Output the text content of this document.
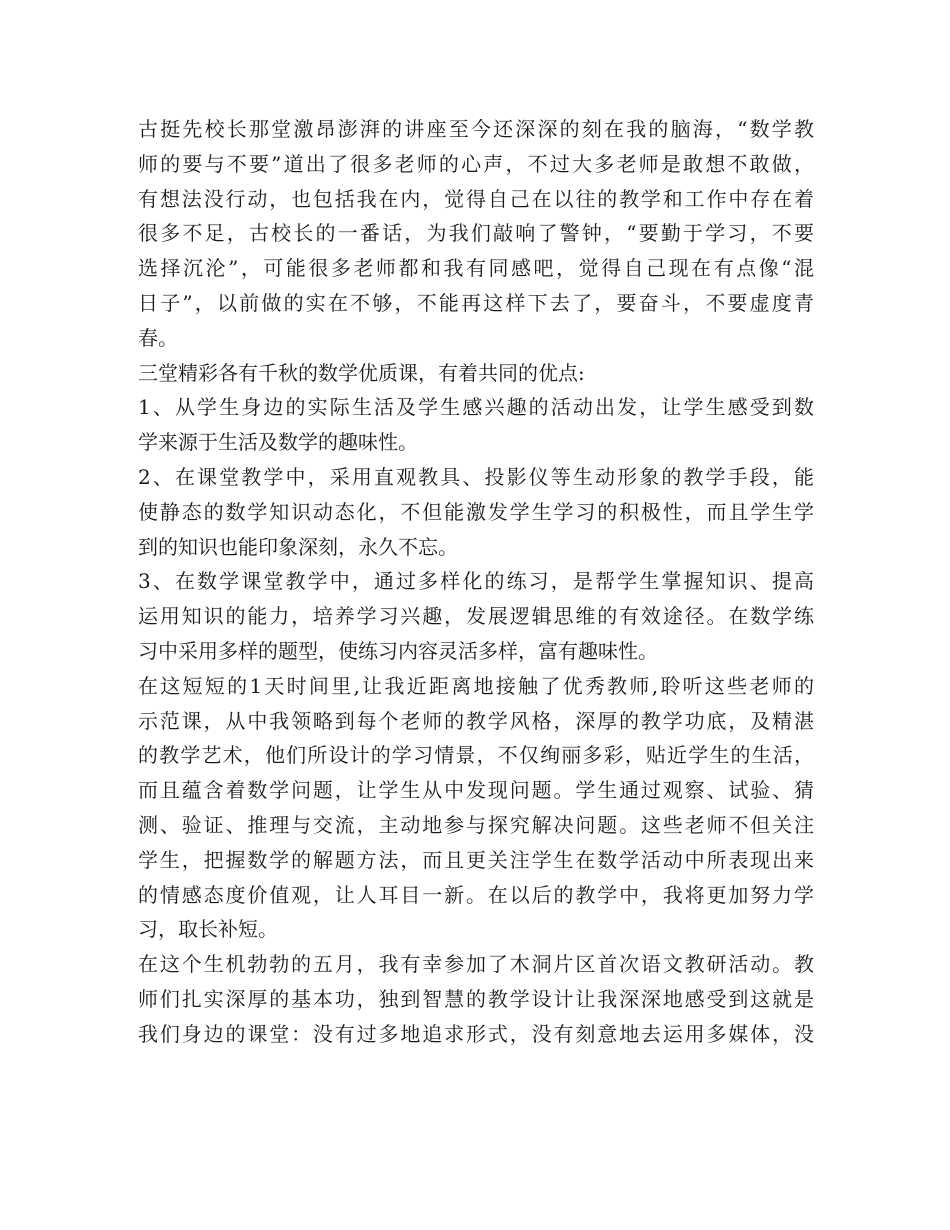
古挺先校长那堂激昂澎湃的讲座至今还深深的刻在我的脑海，“数学教
师的要与不要”道出了很多老师的心声，不过大多老师是敢想不敢做，
有想法没行动，也包括我在内，觉得自己在以往的教学和工作中存在着
很多不足，古校长的一番话，为我们敲响了警钟，“要勤于学习，不要
选择沉沦”，可能很多老师都和我有同感吧，觉得自己现在有点像“混
日子”，以前做的实在不够，不能再这样下去了，要奋斗，不要虚度青
春。
三堂精彩各有千秋的数学优质课，有着共同的优点:
1、从学生身边的实际生活及学生感兴趣的活动出发，让学生感受到数
学来源于生活及数学的趣味性。
2、在课堂教学中，采用直观教具、投影仪等生动形象的教学手段，能
使静态的数学知识动态化，不但能激发学生学习的积极性，而且学生学
到的知识也能印象深刻，永久不忘。
3、在数学课堂教学中，通过多样化的练习，是帮学生掌握知识、提高
运用知识的能力，培养学习兴趣，发展逻辑思维的有效途径。在数学练
习中采用多样的题型，使练习内容灵活多样，富有趣味性。
在这短短的1天时间里,让我近距离地接触了优秀教师,聆听这些老师的
示范课，从中我领略到每个老师的教学风格，深厚的教学功底，及精湛
的教学艺术，他们所设计的学习情景，不仅绚丽多彩，贴近学生的生活，
而且蕴含着数学问题，让学生从中发现问题。学生通过观察、试验、猜
测、验证、推理与交流，主动地参与探究解决问题。这些老师不但关注
学生，把握数学的解题方法，而且更关注学生在数学活动中所表现出来
的情感态度价值观，让人耳目一新。在以后的教学中，我将更加努力学
习，取长补短。
在这个生机勃勃的五月，我有幸参加了木洞片区首次语文教研活动。教
师们扎实深厚的基本功，独到智慧的教学设计让我深深地感受到这就是
我们身边的课堂：没有过多地追求形式，没有刻意地去运用多媒体，没
